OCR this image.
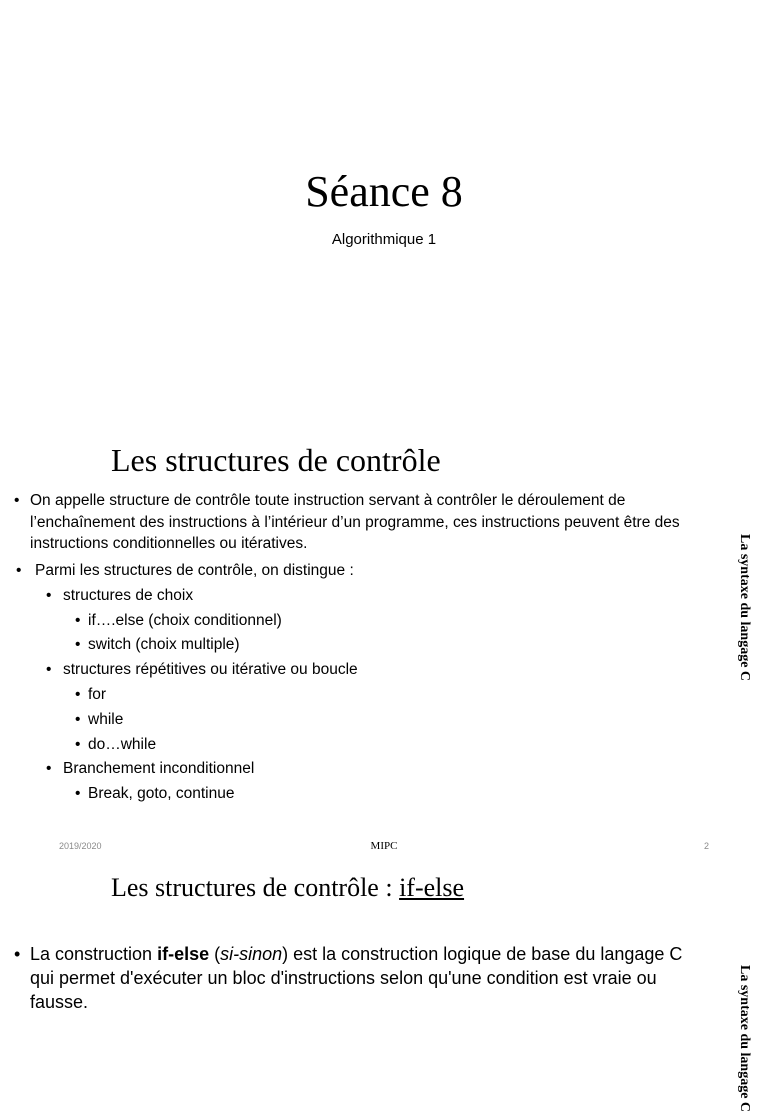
Séance 8
Algorithmique 1
Les structures de contrôle
• On appelle structure de contrôle toute instruction servant à contrôler le déroulement de l’enchaînement des instructions à l’intérieur d’un programme, ces instructions peuvent être des instructions conditionnelles ou itératives.
• Parmi les structures de contrôle, on distingue :
• structures de choix
• if….else (choix conditionnel)
• switch (choix multiple)
• structures répétitives ou itérative ou boucle
• for
• while
• do…while
• Branchement inconditionnel
• Break, goto, continue
La syntaxe du langage C
2019/2020	MIPC	2
Les structures de contrôle : if-else
• La construction if-else (si-sinon) est la construction logique de base du langage C qui permet d'exécuter un bloc d'instructions selon qu'une condition est vraie ou fausse.	La syntaxe du langage C
